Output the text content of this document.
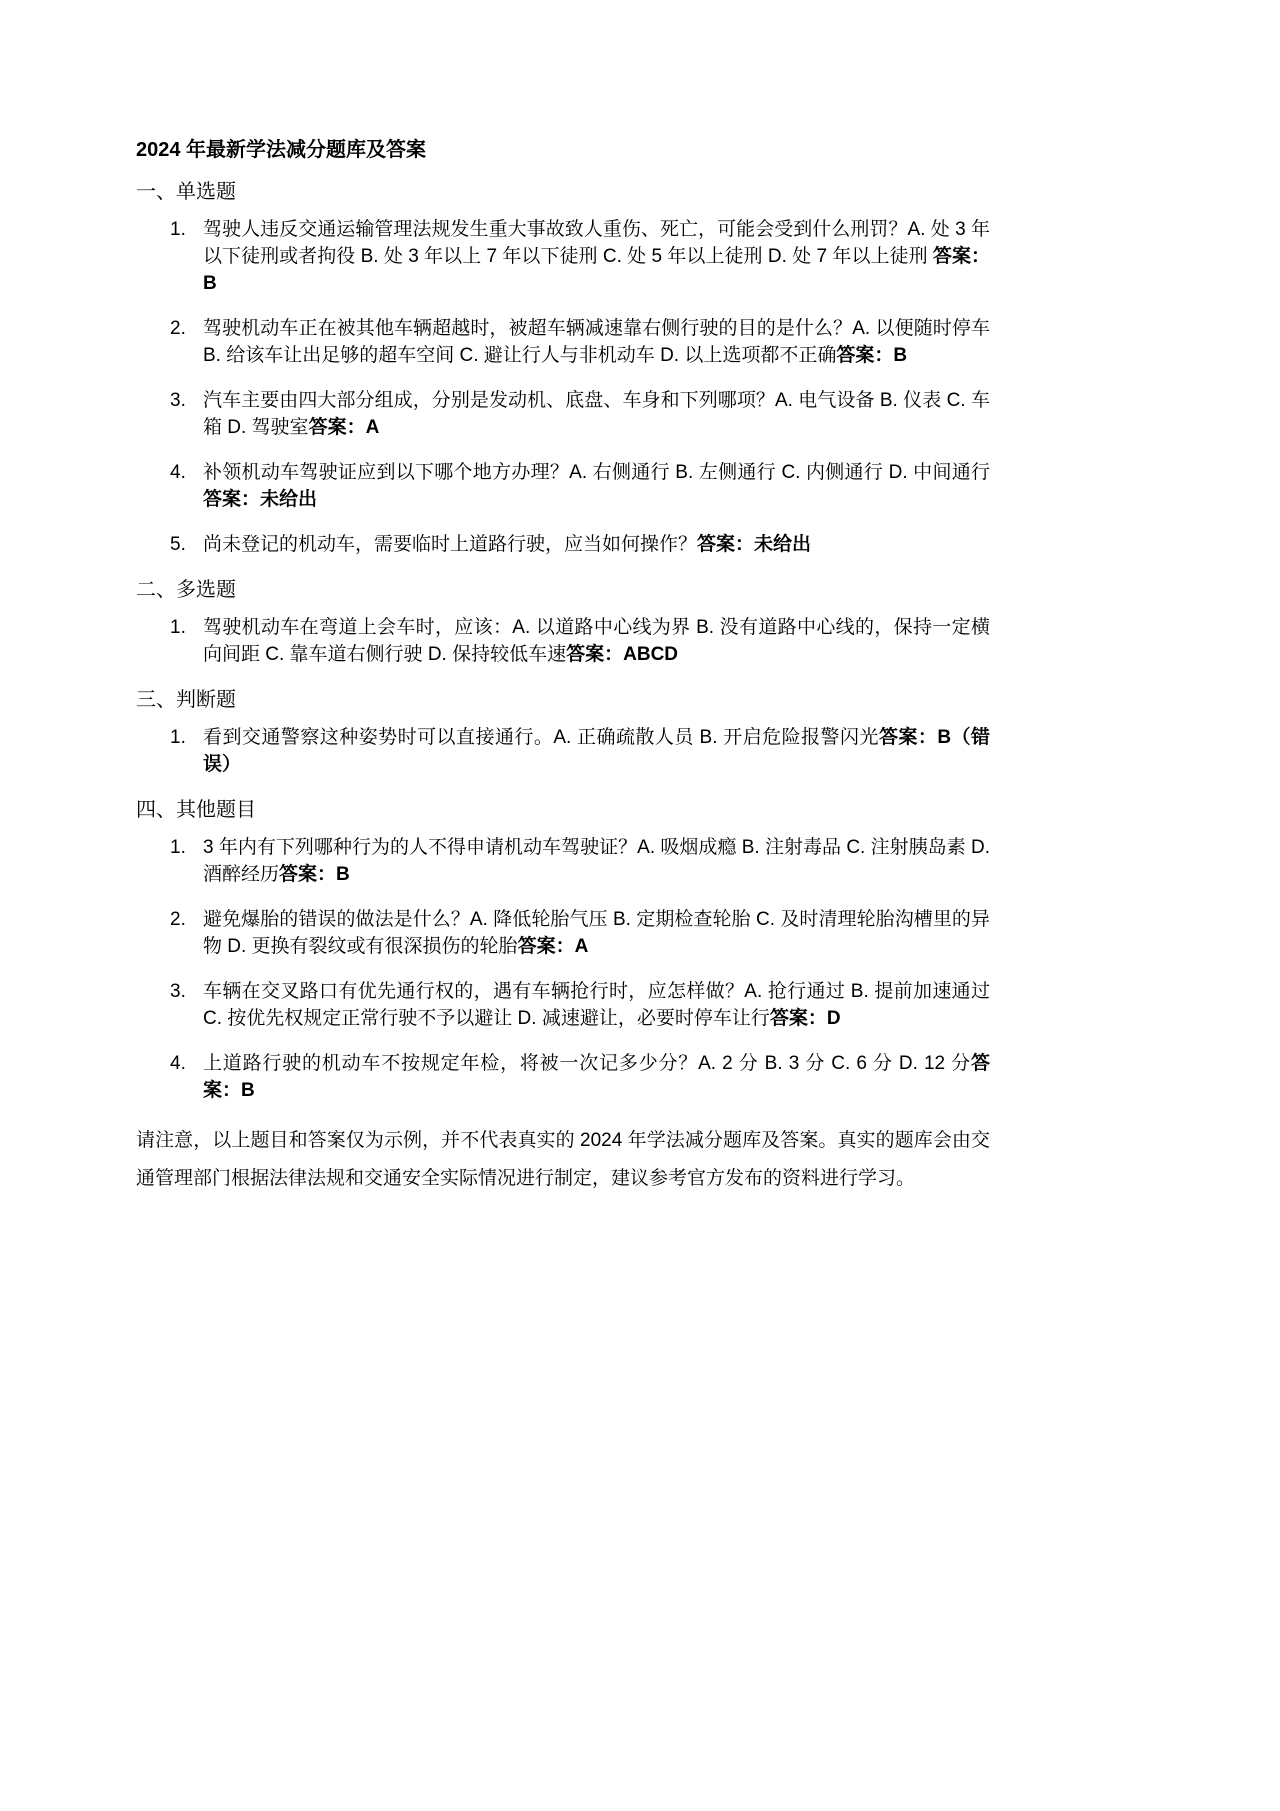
2024 年最新学法减分题库及答案
一、单选题
1. 驾驶人违反交通运输管理法规发生重大事故致人重伤、死亡，可能会受到什么刑罚？A. 处 3 年以下徒刑或者拘役 B. 处 3 年以上 7 年以下徒刑 C. 处 5 年以上徒刑 D. 处 7 年以上徒刑 答案：B
2. 驾驶机动车正在被其他车辆超越时，被超车辆减速靠右侧行驶的目的是什么？A. 以便随时停车 B. 给该车让出足够的超车空间 C. 避让行人与非机动车 D. 以上选项都不正确答案：B
3. 汽车主要由四大部分组成，分别是发动机、底盘、车身和下列哪项？A. 电气设备 B. 仪表 C. 车箱 D. 驾驶室答案：A
4. 补领机动车驾驶证应到以下哪个地方办理？A. 右侧通行 B. 左侧通行 C. 内侧通行 D. 中间通行答案：未给出
5. 尚未登记的机动车，需要临时上道路行驶，应当如何操作？答案：未给出
二、多选题
1. 驾驶机动车在弯道上会车时，应该：A. 以道路中心线为界 B. 没有道路中心线的，保持一定横向间距 C. 靠车道右侧行驶 D. 保持较低车速答案：ABCD
三、判断题
1. 看到交通警察这种姿势时可以直接通行。A. 正确疏散人员 B. 开启危险报警闪光答案：B（错误）
四、其他题目
1. 3 年内有下列哪种行为的人不得申请机动车驾驶证？A. 吸烟成瘾 B. 注射毒品 C. 注射胰岛素 D. 酒醉经历答案：B
2. 避免爆胎的错误的做法是什么？A. 降低轮胎气压 B. 定期检查轮胎 C. 及时清理轮胎沟槽里的异物 D. 更换有裂纹或有很深损伤的轮胎答案：A
3. 车辆在交叉路口有优先通行权的，遇有车辆抢行时，应怎样做？A. 抢行通过 B. 提前加速通过 C. 按优先权规定正常行驶不予以避让 D. 减速避让，必要时停车让行答案：D
4. 上道路行驶的机动车不按规定年检，将被一次记多少分？A. 2 分 B. 3 分 C. 6 分 D. 12 分答案：B

请注意，以上题目和答案仅为示例，并不代表真实的 2024 年学法减分题库及答案。真实的题库会由交通管理部门根据法律法规和交通安全实际情况进行制定，建议参考官方发布的资料进行学习。
